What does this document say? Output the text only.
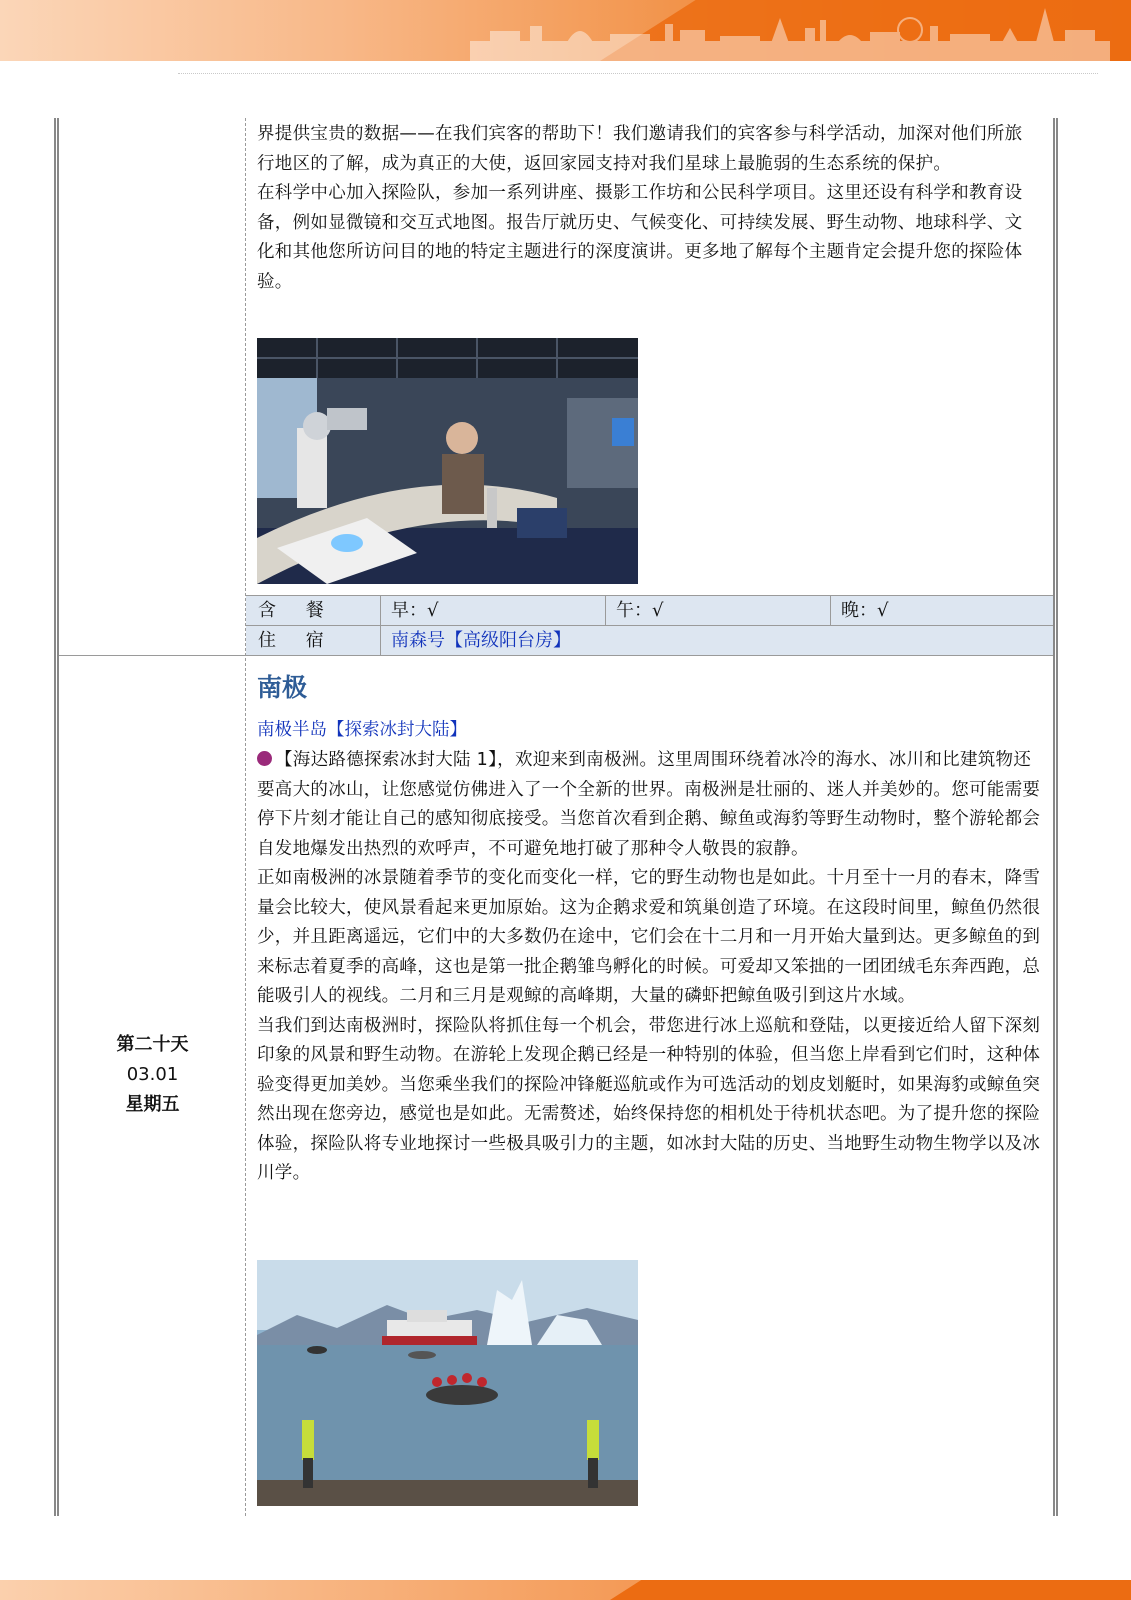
界提供宝贵的数据——在我们宾客的帮助下！我们邀请我们的宾客参与科学活动，加深对他们所旅行地区的了解，成为真正的大使，返回家园支持对我们星球上最脆弱的生态系统的保护。

在科学中心加入探险队，参加一系列讲座、摄影工作坊和公民科学项目。这里还设有科学和教育设备，例如显微镜和交互式地图。报告厅就历史、气候变化、可持续发展、野生动物、地球科学、文化和其他您所访问目的地的特定主题进行的深度演讲。更多地了解每个主题肯定会提升您的探险体验。

含 餐	早：√	午：√	晚：√
住 宿	南森号【高级阳台房】
第二十天
03.01
星期五
南极
南极半岛【探索冰封大陆】

【海达路德探索冰封大陆 1】，欢迎来到南极洲。这里周围环绕着冰冷的海水、冰川和比建筑物还要高大的冰山，让您感觉仿佛进入了一个全新的世界。南极洲是壮丽的、迷人并美妙的。您可能需要停下片刻才能让自己的感知彻底接受。当您首次看到企鹅、鲸鱼或海豹等野生动物时，整个游轮都会自发地爆发出热烈的欢呼声，不可避免地打破了那种令人敬畏的寂静。

正如南极洲的冰景随着季节的变化而变化一样，它的野生动物也是如此。十月至十一月的春末，降雪量会比较大，使风景看起来更加原始。这为企鹅求爱和筑巢创造了环境。在这段时间里，鲸鱼仍然很少，并且距离遥远，它们中的大多数仍在途中，它们会在十二月和一月开始大量到达。更多鲸鱼的到来标志着夏季的高峰，这也是第一批企鹅雏鸟孵化的时候。可爱却又笨拙的一团团绒毛东奔西跑，总能吸引人的视线。二月和三月是观鲸的高峰期，大量的磷虾把鲸鱼吸引到这片水域。

当我们到达南极洲时，探险队将抓住每一个机会，带您进行冰上巡航和登陆，以更接近给人留下深刻印象的风景和野生动物。在游轮上发现企鹅已经是一种特别的体验，但当您上岸看到它们时，这种体验变得更加美妙。当您乘坐我们的探险冲锋艇巡航或作为可选活动的划皮划艇时，如果海豹或鲸鱼突然出现在您旁边，感觉也是如此。无需赘述，始终保持您的相机处于待机状态吧。为了提升您的探险体验，探险队将专业地探讨一些极具吸引力的主题，如冰封大陆的历史、当地野生动物生物学以及冰川学。
